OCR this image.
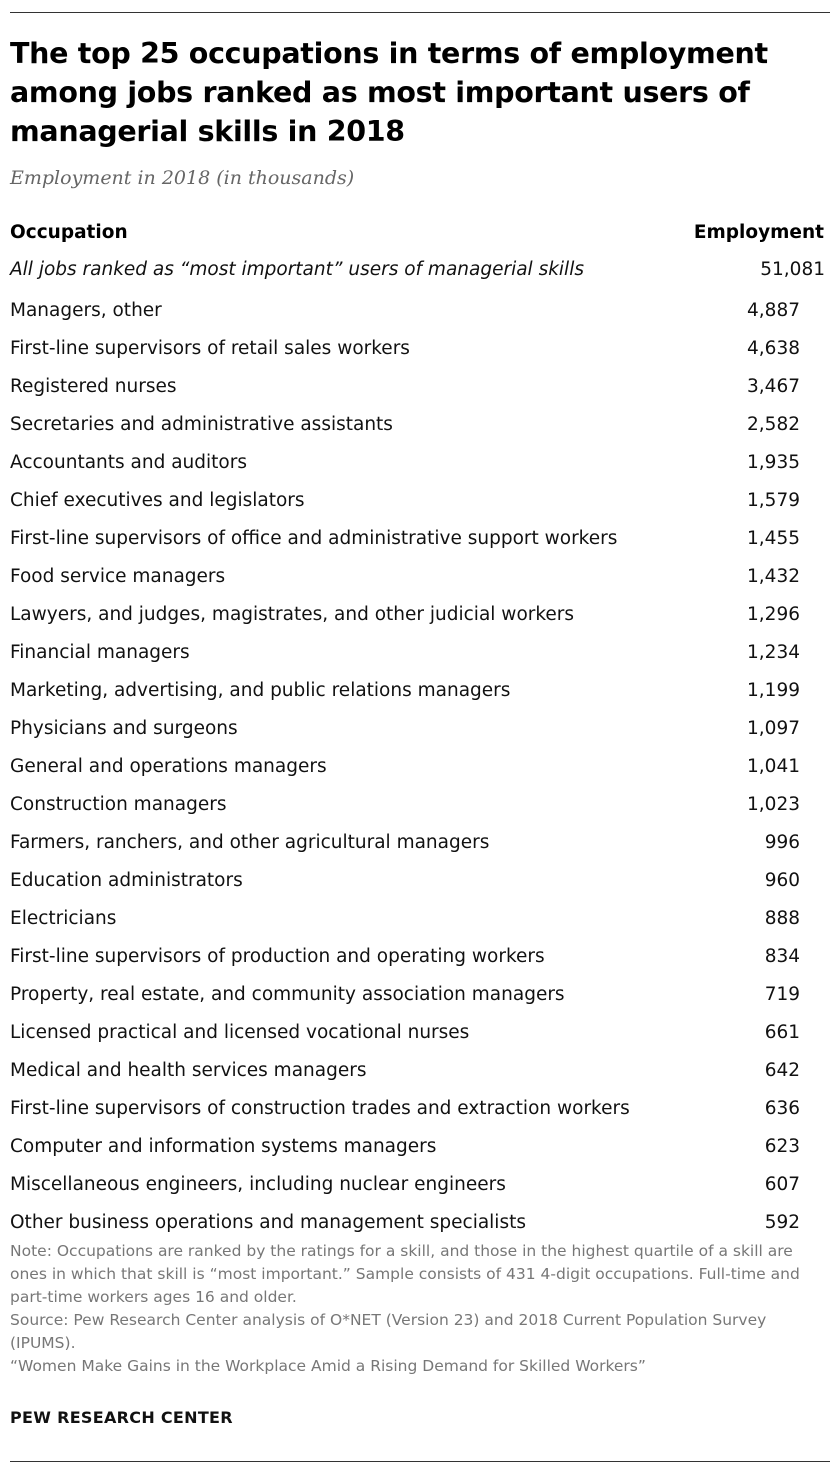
The top 25 occupations in terms of employment among jobs ranked as most important users of managerial skills in 2018
Employment in 2018 (in thousands)
Occupation	Employment
All jobs ranked as “most important” users of managerial skills	51,081
Managers, other	4,887
First-line supervisors of retail sales workers	4,638
Registered nurses	3,467
Secretaries and administrative assistants	2,582
Accountants and auditors	1,935
Chief executives and legislators	1,579
First-line supervisors of office and administrative support workers	1,455
Food service managers	1,432
Lawyers, and judges, magistrates, and other judicial workers	1,296
Financial managers	1,234
Marketing, advertising, and public relations managers	1,199
Physicians and surgeons	1,097
General and operations managers	1,041
Construction managers	1,023
Farmers, ranchers, and other agricultural managers	996
Education administrators	960
Electricians	888
First-line supervisors of production and operating workers	834
Property, real estate, and community association managers	719
Licensed practical and licensed vocational nurses	661
Medical and health services managers	642
First-line supervisors of construction trades and extraction workers	636
Computer and information systems managers	623
Miscellaneous engineers, including nuclear engineers	607
Other business operations and management specialists	592

Note: Occupations are ranked by the ratings for a skill, and those in the highest quartile of a skill are ones in which that skill is “most important.” Sample consists of 431 4-digit occupations. Full-time and part-time workers ages 16 and older.

Source: Pew Research Center analysis of O*NET (Version 23) and 2018 Current Population Survey (IPUMS).

“Women Make Gains in the Workplace Amid a Rising Demand for Skilled Workers”

PEW RESEARCH CENTER
